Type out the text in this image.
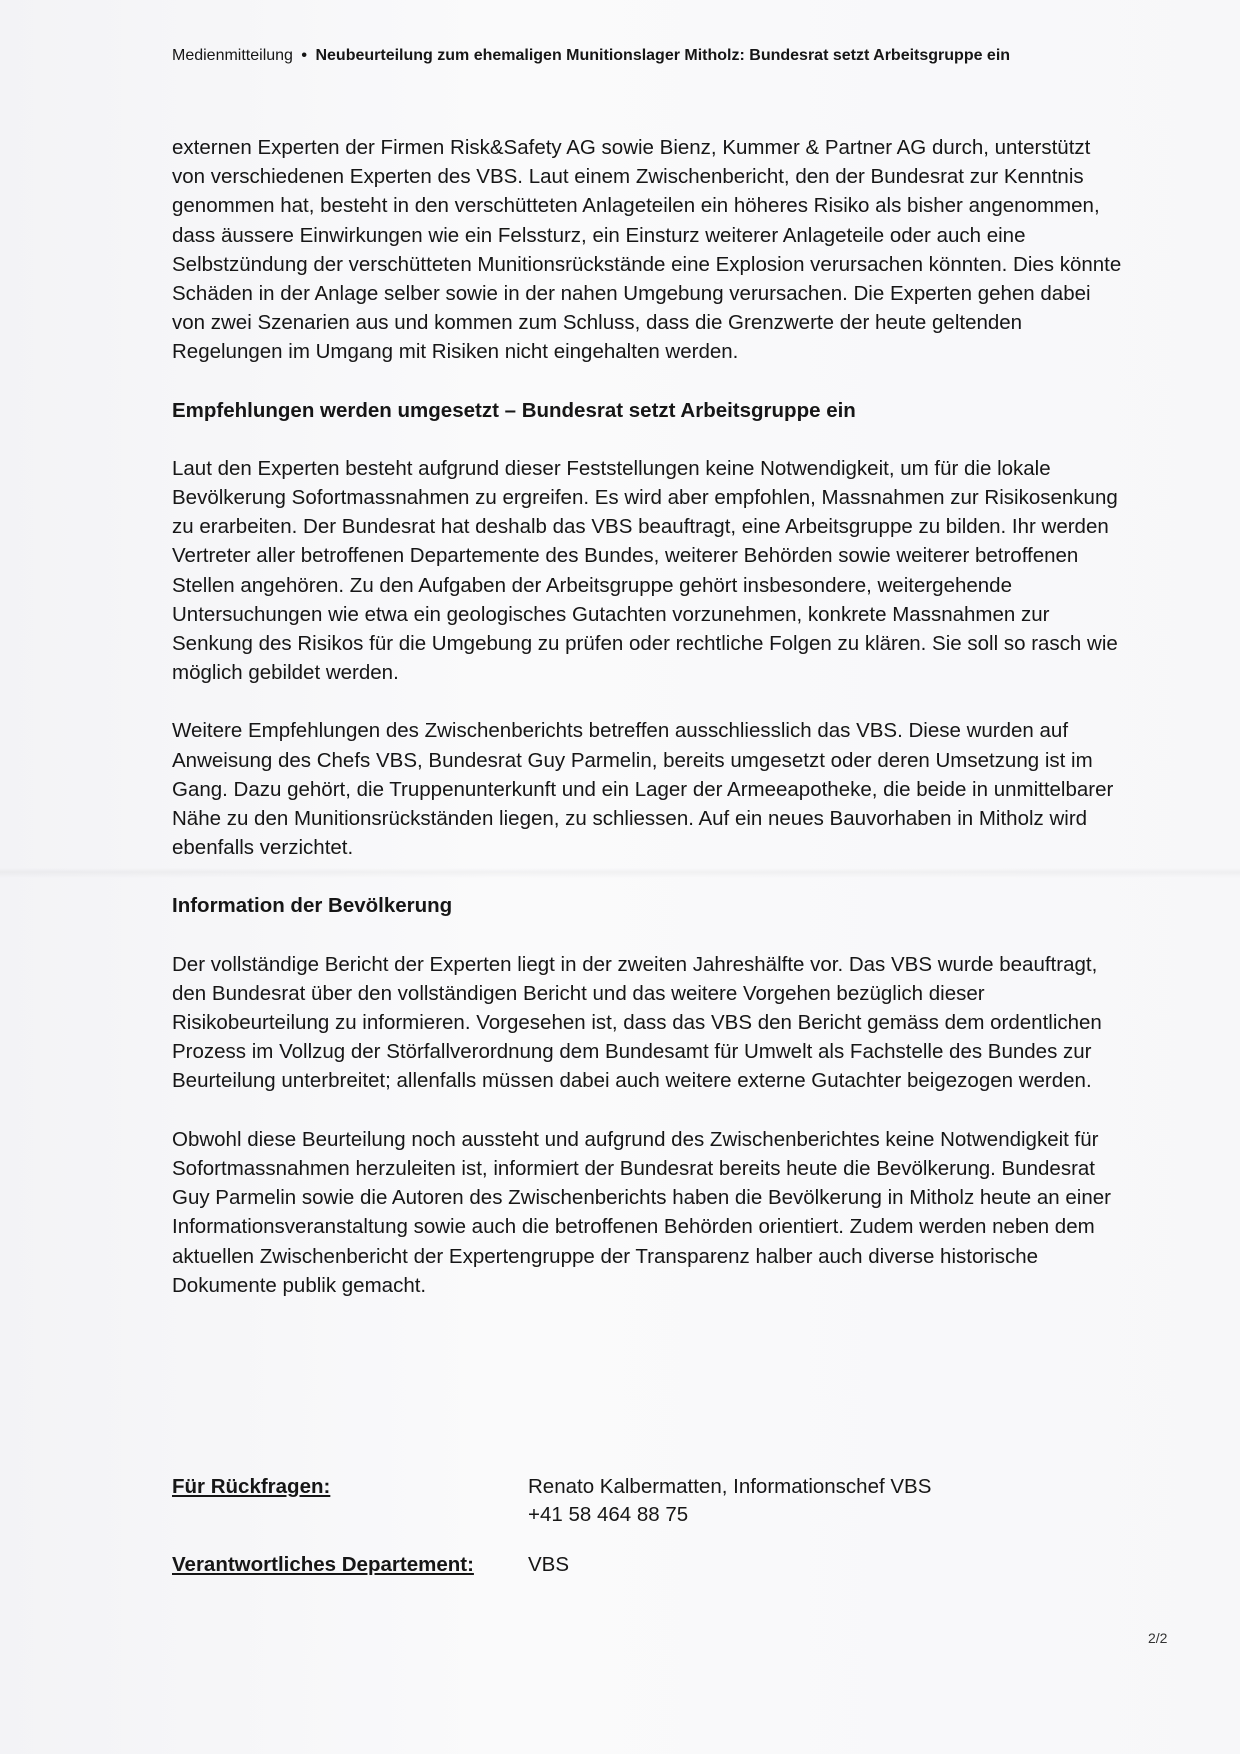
Medienmitteilung • Neubeurteilung zum ehemaligen Munitionslager Mitholz: Bundesrat setzt Arbeitsgruppe ein

externen Experten der Firmen Risk&Safety AG sowie Bienz, Kummer & Partner AG durch, unterstützt von verschiedenen Experten des VBS. Laut einem Zwischenbericht, den der Bundesrat zur Kenntnis genommen hat, besteht in den verschütteten Anlageteilen ein höheres Risiko als bisher angenommen, dass äussere Einwirkungen wie ein Felssturz, ein Einsturz weiterer Anlageteile oder auch eine Selbstzündung der verschütteten Munitionsrückstände eine Explosion verursachen könnten. Dies könnte Schäden in der Anlage selber sowie in der nahen Umgebung verursachen. Die Experten gehen dabei von zwei Szenarien aus und kommen zum Schluss, dass die Grenzwerte der heute geltenden Regelungen im Umgang mit Risiken nicht eingehalten werden.

Empfehlungen werden umgesetzt – Bundesrat setzt Arbeitsgruppe ein

Laut den Experten besteht aufgrund dieser Feststellungen keine Notwendigkeit, um für die lokale Bevölkerung Sofortmassnahmen zu ergreifen. Es wird aber empfohlen, Massnahmen zur Risikosenkung zu erarbeiten. Der Bundesrat hat deshalb das VBS beauftragt, eine Arbeitsgruppe zu bilden. Ihr werden Vertreter aller betroffenen Departemente des Bundes, weiterer Behörden sowie weiterer betroffenen Stellen angehören. Zu den Aufgaben der Arbeitsgruppe gehört insbesondere, weitergehende Untersuchungen wie etwa ein geologisches Gutachten vorzunehmen, konkrete Massnahmen zur Senkung des Risikos für die Umgebung zu prüfen oder rechtliche Folgen zu klären. Sie soll so rasch wie möglich gebildet werden.

Weitere Empfehlungen des Zwischenberichts betreffen ausschliesslich das VBS. Diese wurden auf Anweisung des Chefs VBS, Bundesrat Guy Parmelin, bereits umgesetzt oder deren Umsetzung ist im Gang. Dazu gehört, die Truppenunterkunft und ein Lager der Armeeapotheke, die beide in unmittelbarer Nähe zu den Munitionsrückständen liegen, zu schliessen. Auf ein neues Bauvorhaben in Mitholz wird ebenfalls verzichtet.

Information der Bevölkerung

Der vollständige Bericht der Experten liegt in der zweiten Jahreshälfte vor. Das VBS wurde beauftragt, den Bundesrat über den vollständigen Bericht und das weitere Vorgehen bezüglich dieser Risikobeurteilung zu informieren. Vorgesehen ist, dass das VBS den Bericht gemäss dem ordentlichen Prozess im Vollzug der Störfallverordnung dem Bundesamt für Umwelt als Fachstelle des Bundes zur Beurteilung unterbreitet; allenfalls müssen dabei auch weitere externe Gutachter beigezogen werden.

Obwohl diese Beurteilung noch aussteht und aufgrund des Zwischenberichtes keine Notwendigkeit für Sofortmassnahmen herzuleiten ist, informiert der Bundesrat bereits heute die Bevölkerung. Bundesrat Guy Parmelin sowie die Autoren des Zwischenberichts haben die Bevölkerung in Mitholz heute an einer Informationsveranstaltung sowie auch die betroffenen Behörden orientiert. Zudem werden neben dem aktuellen Zwischenbericht der Expertengruppe der Transparenz halber auch diverse historische Dokumente publik gemacht.

Für Rückfragen:	Renato Kalbermatten, Informationschef VBS
+41 58 464 88 75
Verantwortliches Departement:	VBS
2/2
